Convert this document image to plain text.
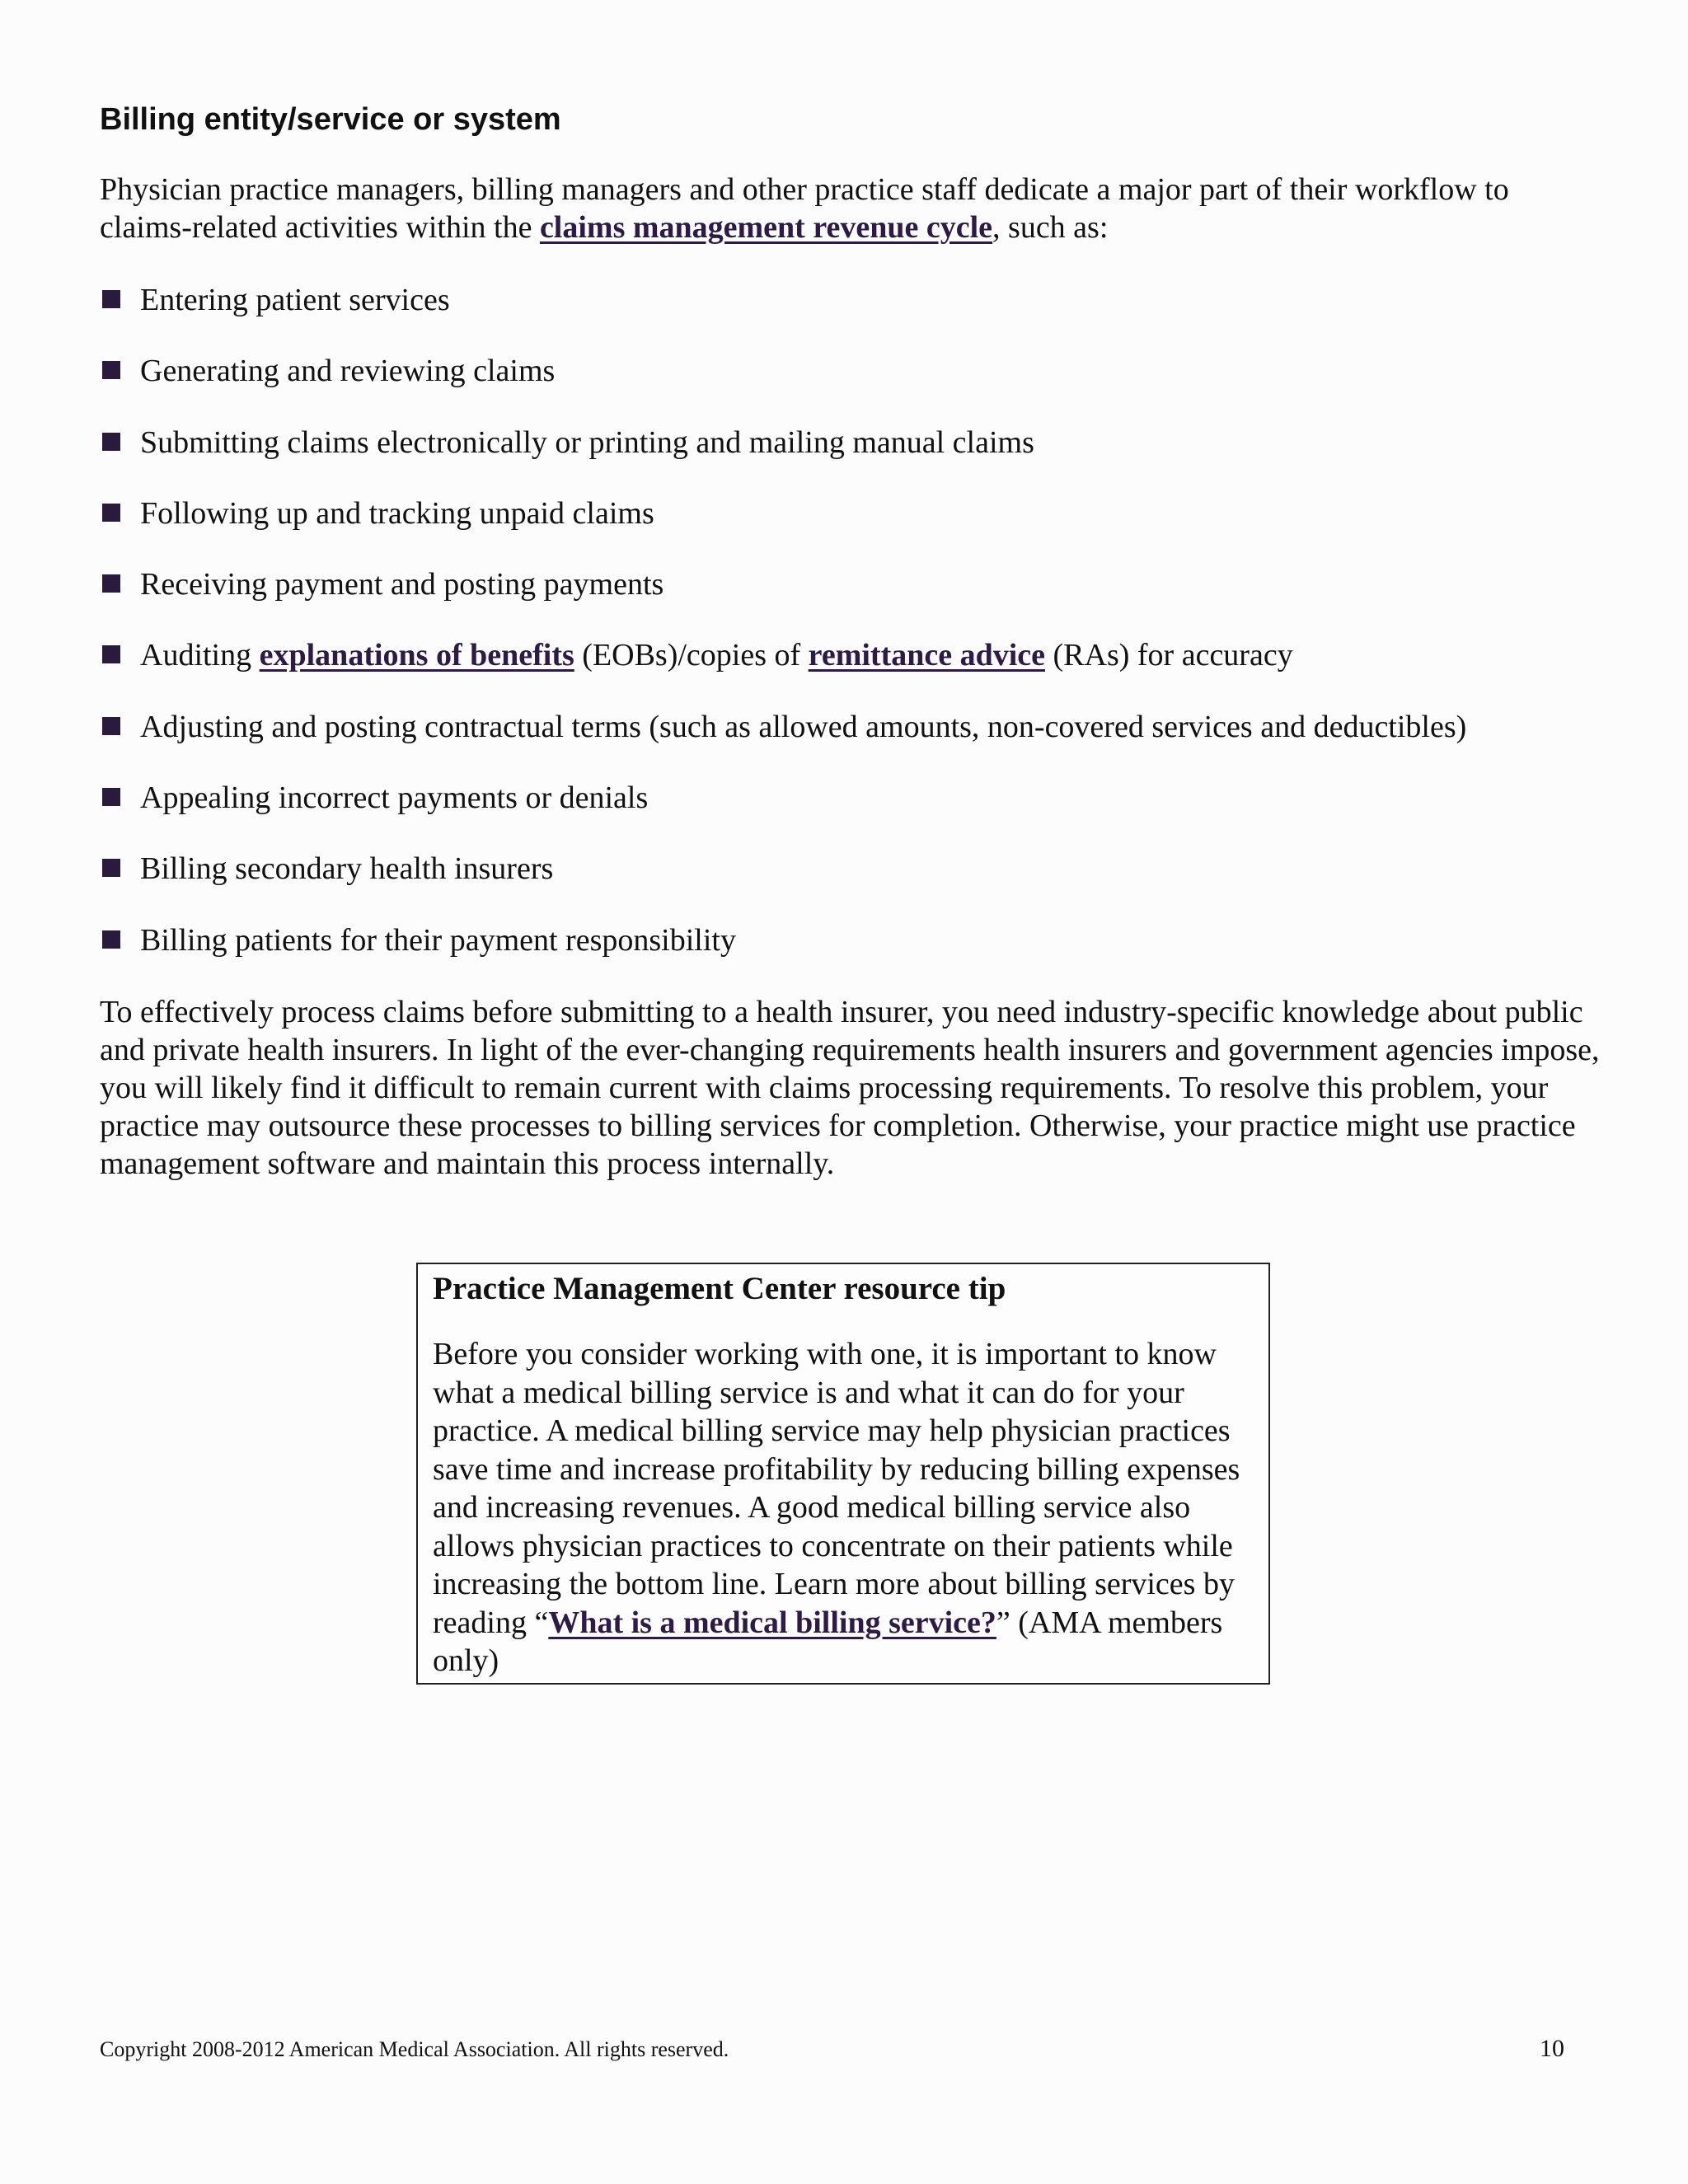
Billing entity/service or system

Physician practice managers, billing managers and other practice staff dedicate a major part of their workflow to claims-related activities within the claims management revenue cycle, such as:

Entering patient services
Generating and reviewing claims
Submitting claims electronically or printing and mailing manual claims
Following up and tracking unpaid claims
Receiving payment and posting payments
Auditing explanations of benefits (EOBs)/copies of remittance advice (RAs) for accuracy
Adjusting and posting contractual terms (such as allowed amounts, non-covered services and deductibles)
Appealing incorrect payments or denials
Billing secondary health insurers
Billing patients for their payment responsibility

To effectively process claims before submitting to a health insurer, you need industry-specific knowledge about public and private health insurers. In light of the ever-changing requirements health insurers and government agencies impose, you will likely find it difficult to remain current with claims processing requirements. To resolve this problem, your practice may outsource these processes to billing services for completion. Otherwise, your practice might use practice management software and maintain this process internally.

Practice Management Center resource tip

Before you consider working with one, it is important to know what a medical billing service is and what it can do for your practice. A medical billing service may help physician practices save time and increase profitability by reducing billing expenses and increasing revenues. A good medical billing service also allows physician practices to concentrate on their patients while increasing the bottom line. Learn more about billing services by reading “What is a medical billing service?” (AMA members only)

Copyright 2008-2012 American Medical Association. All rights reserved.	10
